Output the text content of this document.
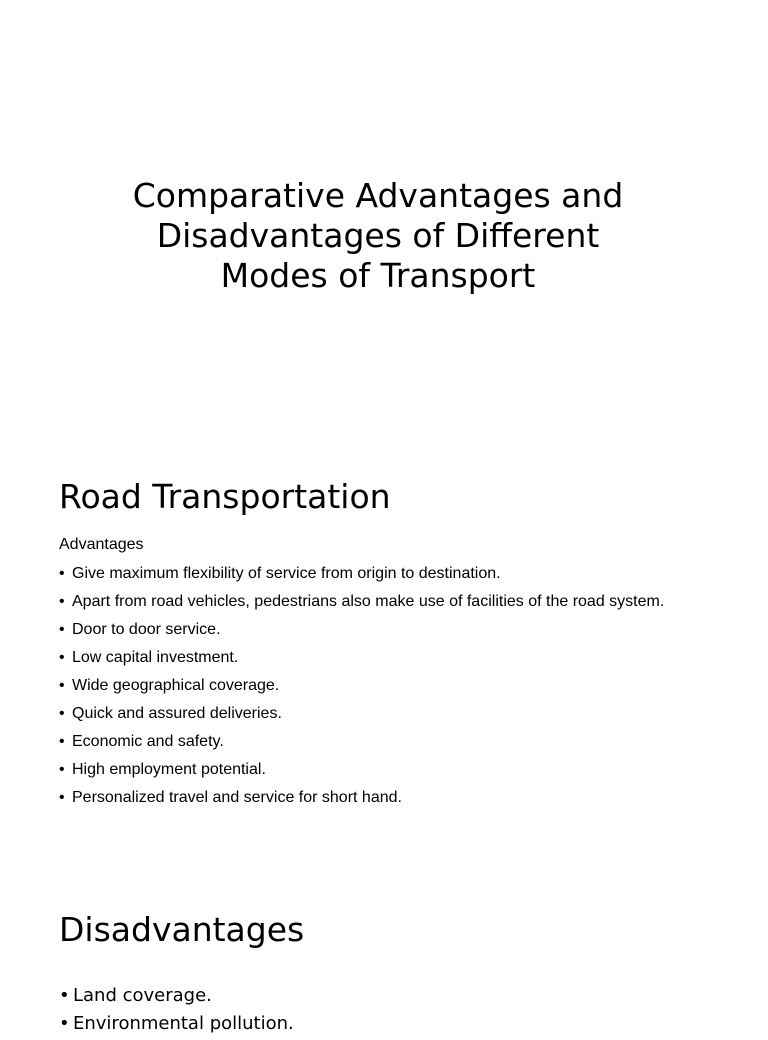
Comparative Advantages and
Disadvantages of Different
Modes of Transport
Road Transportation
Advantages
• Give maximum flexibility of service from origin to destination.
• Apart from road vehicles, pedestrians also make use of facilities of the road system.
• Door to door service.
• Low capital investment.
• Wide geographical coverage.
• Quick and assured deliveries.
• Economic and safety.
• High employment potential.
• Personalized travel and service for short hand.
Disadvantages
• Land coverage.
• Environmental pollution.
